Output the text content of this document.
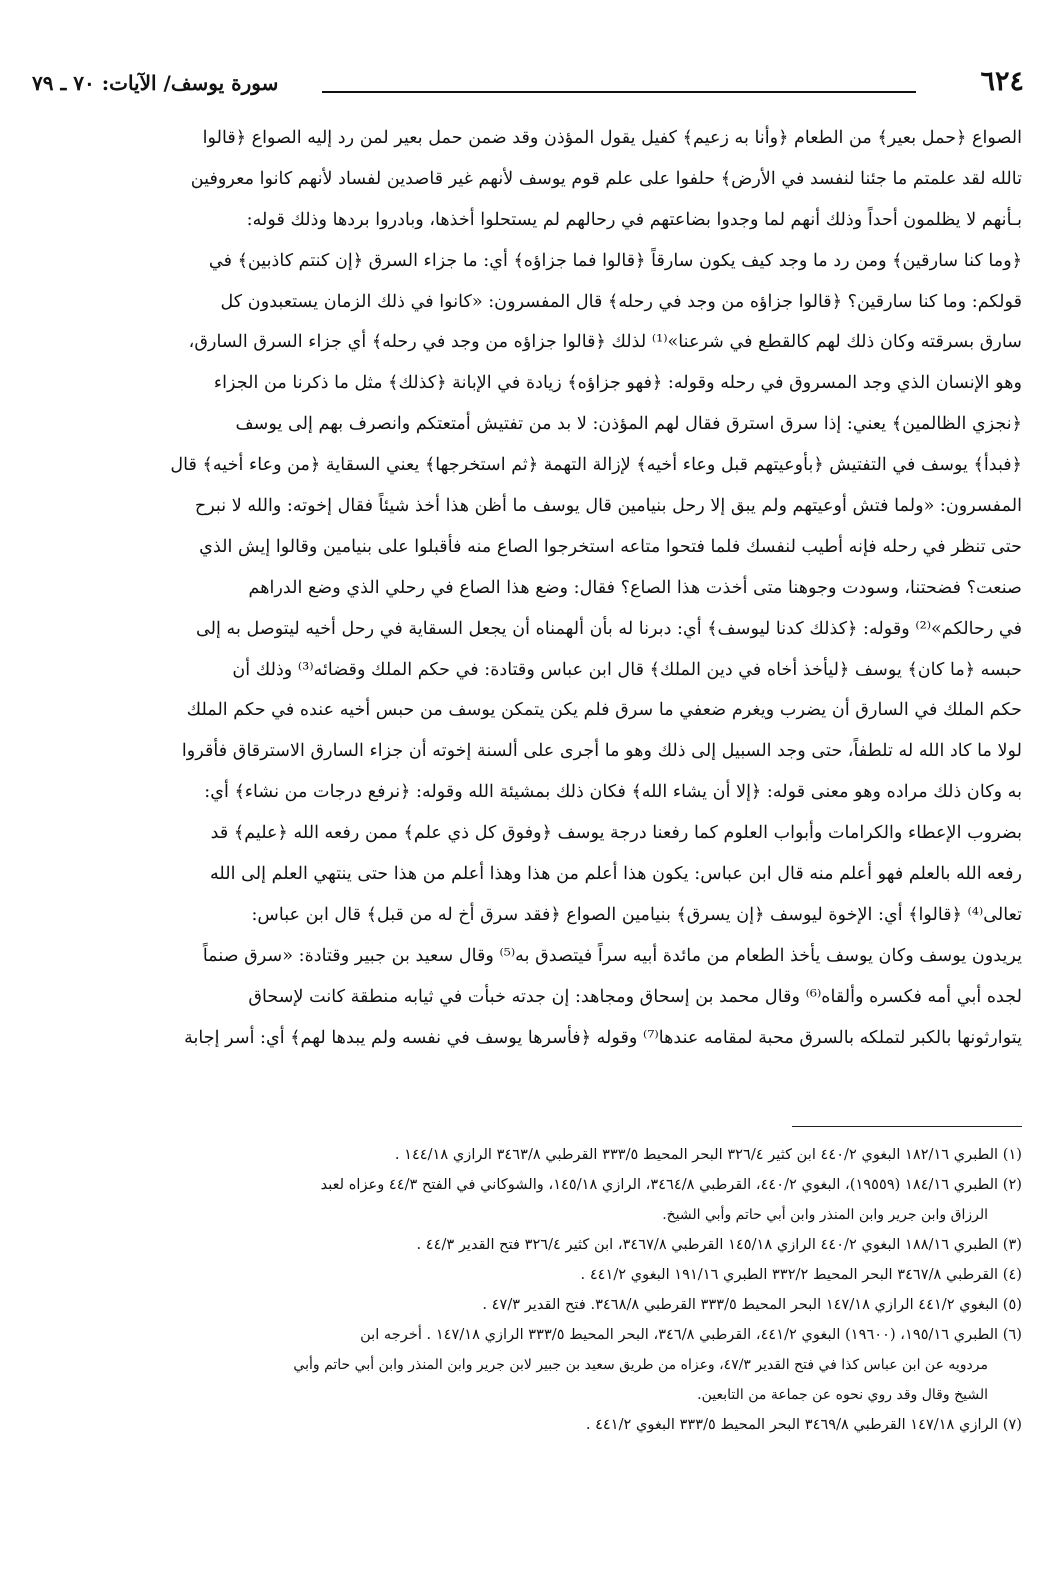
٦٢٤
سورة يوسف/ الآيات: ٧٠ ـ ٧٩
الصواع ﴿حمل بعير﴾ من الطعام ﴿وأنا به زعيم﴾ كفيل يقول المؤذن وقد ضمن حمل بعير لمن رد إليه الصواع ﴿قالوا
تالله لقد علمتم ما جئنا لنفسد في الأرض﴾ حلفوا على علم قوم يوسف لأنهم غير قاصدين لفساد لأنهم كانوا معروفين
بـأنهم لا يظلمون أحداً وذلك أنهم لما وجدوا بضاعتهم في رحالهم لم يستحلوا أخذها، وبادروا بردها وذلك قوله:
﴿وما كنا سارقين﴾ ومن رد ما وجد كيف يكون سارقاً ﴿قالوا فما جزاؤه﴾ أي: ما جزاء السرق ﴿إن كنتم كاذبين﴾ في
قولكم: وما كنا سارقين؟ ﴿قالوا جزاؤه من وجد في رحله﴾ قال المفسرون: «كانوا في ذلك الزمان يستعبدون كل
سارق بسرقته وكان ذلك لهم كالقطع في شرعنا»⁽¹⁾ لذلك ﴿قالوا جزاؤه من وجد في رحله﴾ أي جزاء السرق السارق،
وهو الإنسان الذي وجد المسروق في رحله وقوله: ﴿فهو جزاؤه﴾ زيادة في الإبانة ﴿كذلك﴾ مثل ما ذكرنا من الجزاء
﴿نجزي الظالمين﴾ يعني: إذا سرق استرق فقال لهم المؤذن: لا بد من تفتيش أمتعتكم وانصرف بهم إلى يوسف
﴿فبدأ﴾ يوسف في التفتيش ﴿بأوعيتهم قبل وعاء أخيه﴾ لإزالة التهمة ﴿ثم استخرجها﴾ يعني السقاية ﴿من وعاء أخيه﴾ قال
المفسرون: «ولما فتش أوعيتهم ولم يبق إلا رحل بنيامين قال يوسف ما أظن هذا أخذ شيئاً فقال إخوته: والله لا نبرح
حتى تنظر في رحله فإنه أطيب لنفسك فلما فتحوا متاعه استخرجوا الصاع منه فأقبلوا على بنيامين وقالوا إيش الذي
صنعت؟ فضحتنا، وسودت وجوهنا متى أخذت هذا الصاع؟ فقال: وضع هذا الصاع في رحلي الذي وضع الدراهم
في رحالكم»⁽²⁾ وقوله: ﴿كذلك كدنا ليوسف﴾ أي: دبرنا له بأن ألهمناه أن يجعل السقاية في رحل أخيه ليتوصل به إلى
حبسه ﴿ما كان﴾ يوسف ﴿ليأخذ أخاه في دين الملك﴾ قال ابن عباس وقتادة: في حكم الملك وقضائه⁽³⁾ وذلك أن
حكم الملك في السارق أن يضرب ويغرم ضعفي ما سرق فلم يكن يتمكن يوسف من حبس أخيه عنده في حكم الملك
لولا ما كاد الله له تلطفاً، حتى وجد السبيل إلى ذلك وهو ما أجرى على ألسنة إخوته أن جزاء السارق الاسترقاق فأقروا
به وكان ذلك مراده وهو معنى قوله: ﴿إلا أن يشاء الله﴾ فكان ذلك بمشيئة الله وقوله: ﴿نرفع درجات من نشاء﴾ أي:
بضروب الإعطاء والكرامات وأبواب العلوم كما رفعنا درجة يوسف ﴿وفوق كل ذي علم﴾ ممن رفعه الله ﴿عليم﴾ قد
رفعه الله بالعلم فهو أعلم منه قال ابن عباس: يكون هذا أعلم من هذا وهذا أعلم من هذا حتى ينتهي العلم إلى الله
تعالى⁽⁴⁾ ﴿قالوا﴾ أي: الإخوة ليوسف ﴿إن يسرق﴾ بنيامين الصواع ﴿فقد سرق أخ له من قبل﴾ قال ابن عباس:
يريدون يوسف وكان يوسف يأخذ الطعام من مائدة أبيه سراً فيتصدق به⁽⁵⁾ وقال سعيد بن جبير وقتادة: «سرق صنماً
لجده أبي أمه فكسره وألقاه⁽⁶⁾ وقال محمد بن إسحاق ومجاهد: إن جدته خبأت في ثيابه منطقة كانت لإسحاق
يتوارثونها بالكبر لتملكه بالسرق محبة لمقامه عندها⁽⁷⁾ وقوله ﴿فأسرها يوسف في نفسه ولم يبدها لهم﴾ أي: أسر إجابة
(١) الطبري ١٨٢/١٦ البغوي ٤٤٠/٢ ابن كثير ٣٢٦/٤ البحر المحيط ٣٣٣/٥ القرطبي ٣٤٦٣/٨ الرازي ١٤٤/١٨ .
(٢) الطبري ١٨٤/١٦ (١٩٥٥٩)، البغوي ٤٤٠/٢، القرطبي ٣٤٦٤/٨، الرازي ١٤٥/١٨، والشوكاني في الفتح ٤٤/٣ وعزاه لعبد
الرزاق وابن جرير وابن المنذر وابن أبي حاتم وأبي الشيخ.
(٣) الطبري ١٨٨/١٦ البغوي ٤٤٠/٢ الرازي ١٤٥/١٨ القرطبي ٣٤٦٧/٨، ابن كثير ٣٢٦/٤ فتح القدير ٤٤/٣ .
(٤) القرطبي ٣٤٦٧/٨ البحر المحيط ٣٣٢/٢ الطبري ١٩١/١٦ البغوي ٤٤١/٢ .
(٥) البغوي ٤٤١/٢ الرازي ١٤٧/١٨ البحر المحيط ٣٣٣/٥ القرطبي ٣٤٦٨/٨. فتح القدير ٤٧/٣ .
(٦) الطبري ١٩٥/١٦، (١٩٦٠٠) البغوي ٤٤١/٢، القرطبي ٣٤٦/٨، البحر المحيط ٣٣٣/٥ الرازي ١٤٧/١٨ . أخرجه ابن
مردويه عن ابن عباس كذا في فتح القدير ٤٧/٣، وعزاه من طريق سعيد بن جبير لابن جرير وابن المنذر وابن أبي حاتم وأبي
الشيخ وقال وقد روي نحوه عن جماعة من التابعين.
(٧) الرازي ١٤٧/١٨ القرطبي ٣٤٦٩/٨ البحر المحيط ٣٣٣/٥ البغوي ٤٤١/٢ .
